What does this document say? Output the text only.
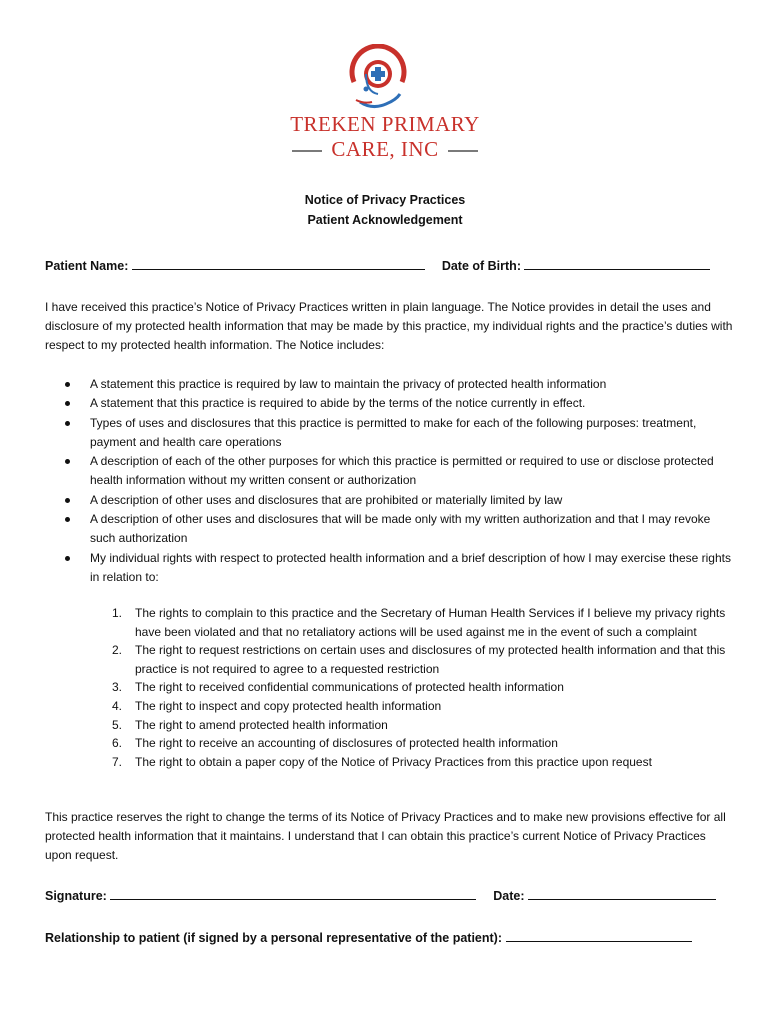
TREKEN PRIMARY
CARE, INC
Notice of Privacy Practices
Patient Acknowledgement
Patient Name:	Date of Birth:
I have received this practice’s Notice of Privacy Practices written in plain language. The Notice provides in detail the uses and disclosure of my protected health information that may be made by this practice, my individual rights and the practice’s duties with respect to my protected health information. The Notice includes:
A statement this practice is required by law to maintain the privacy of protected health information
A statement that this practice is required to abide by the terms of the notice currently in effect.
Types of uses and disclosures that this practice is permitted to make for each of the following purposes: treatment, payment and health care operations
A description of each of the other purposes for which this practice is permitted or required to use or disclose protected health information without my written consent or authorization
A description of other uses and disclosures that are prohibited or materially limited by law
A description of other uses and disclosures that will be made only with my written authorization and that I may revoke such authorization
My individual rights with respect to protected health information and a brief description of how I may exercise these rights in relation to:
1. The rights to complain to this practice and the Secretary of Human Health Services if I believe my privacy rights have been violated and that no retaliatory actions will be used against me in the event of such a complaint
2. The right to request restrictions on certain uses and disclosures of my protected health information and that this practice is not required to agree to a requested restriction
3. The right to received confidential communications of protected health information
4. The right to inspect and copy protected health information
5. The right to amend protected health information
6. The right to receive an accounting of disclosures of protected health information
7. The right to obtain a paper copy of the Notice of Privacy Practices from this practice upon request
This practice reserves the right to change the terms of its Notice of Privacy Practices and to make new provisions effective for all protected health information that it maintains. I understand that I can obtain this practice’s current Notice of Privacy Practices upon request.
Signature:	Date:
Relationship to patient (if signed by a personal representative of the patient):
